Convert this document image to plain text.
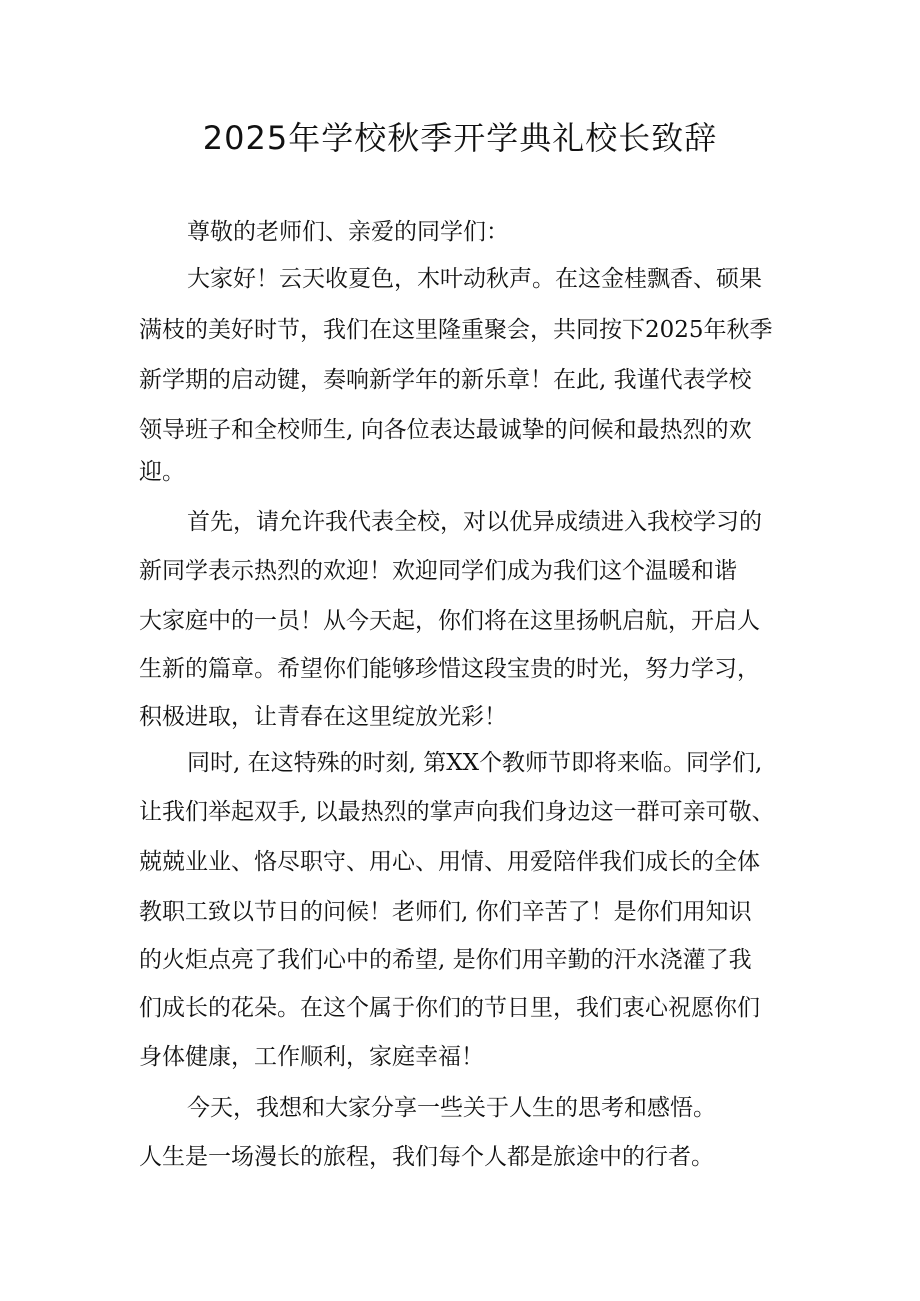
2025年学校秋季开学典礼校长致辞

尊敬的老师们、亲爱的同学们：

大家好！云天收夏色，木叶动秋声。在这金桂飘香、硕果

满枝的美好时节，我们在这里隆重聚会，共同按下2025年秋季

新学期的启动键，奏响新学年的新乐章！在此, 我谨代表学校

领导班子和全校师生, 向各位表达最诚挚的问候和最热烈的欢

迎。

首先，请允许我代表全校，对以优异成绩进入我校学习的

新同学表示热烈的欢迎！欢迎同学们成为我们这个温暖和谐

大家庭中的一员！从今天起，你们将在这里扬帆启航，开启人

生新的篇章。希望你们能够珍惜这段宝贵的时光，努力学习，

积极进取，让青春在这里绽放光彩！

同时, 在这特殊的时刻, 第XX个教师节即将来临。同学们,

让我们举起双手, 以最热烈的掌声向我们身边这一群可亲可敬、

兢兢业业、恪尽职守、用心、用情、用爱陪伴我们成长的全体

教职工致以节日的问候！老师们, 你们辛苦了！是你们用知识

的火炬点亮了我们心中的希望, 是你们用辛勤的汗水浇灌了我

们成长的花朵。在这个属于你们的节日里，我们衷心祝愿你们

身体健康，工作顺利，家庭幸福！

今天，我想和大家分享一些关于人生的思考和感悟。

人生是一场漫长的旅程，我们每个人都是旅途中的行者。
